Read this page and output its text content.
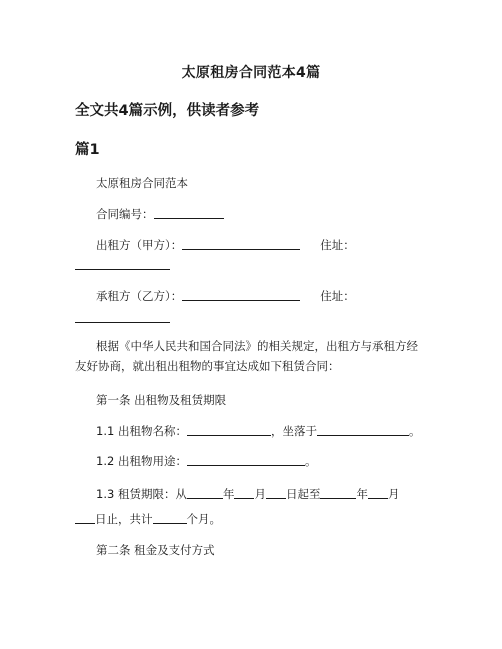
太原租房合同范本4篇
全文共4篇示例，供读者参考
篇1
太原租房合同范本
合同编号：
出租方（甲方）：	住址：
承租方（乙方）：	住址：
根据《中华人民共和国合同法》的相关规定，出租方与承租方经友好协商，就出租出租物的事宜达成如下租赁合同：
第一条 出租物及租赁期限
1.1 出租物名称：	，坐落于	。
1.2 出租物用途：	。
1.3 租赁期限：从	年 月 日起至	年 月
日止，共计	个月。
第二条 租金及支付方式
